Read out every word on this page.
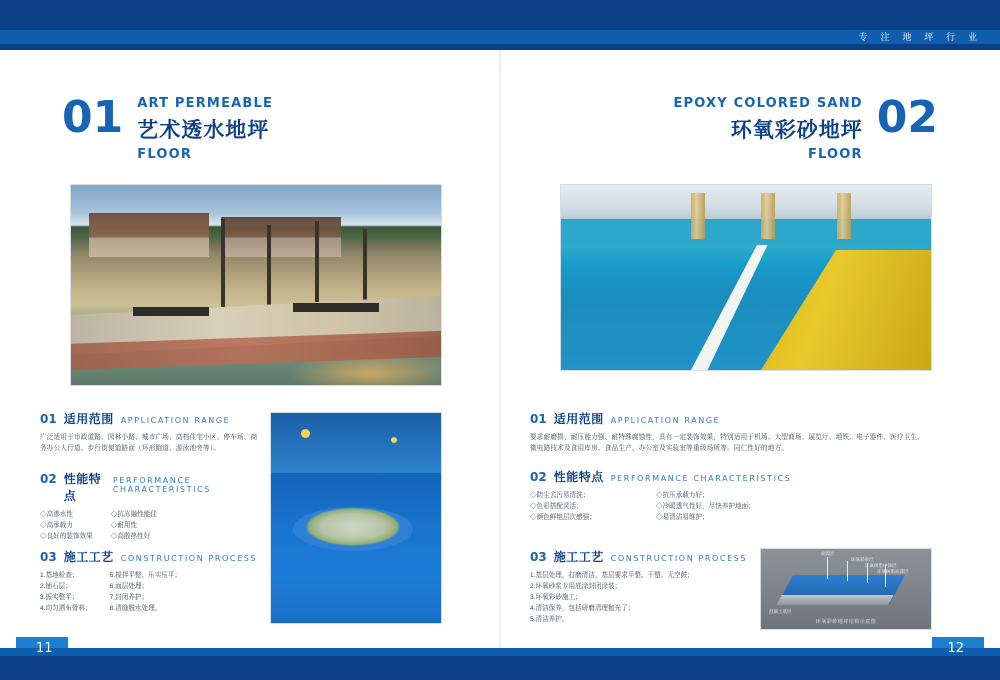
专 注 地 坪 行 业
01 ART PERMEABLE
艺术透水地坪
FLOOR
01 适用范围 APPLICATION RANGE

广泛适用于市政道路、园林小路、城市广场、高档住宅小区、停车场、商务办公人行道、步行街便道路面（环形跑道、游泳池旁等）。

02 性能特点
PERFORMANCE CHARACTERISTICS
◇高渗水性
◇高承载力
◇良好的装饰效果
◇抗冻融性能佳
◇耐用性
◇高散热性好
03 施工工艺 CONSTRUCTION PROCESS
1.基地检查；
2.铺石层；
3.振实整平；
4.均匀洒布骨料；
5.搅拌平整、压实压平；
6.面层处理；
7.封闭养护；
8.清缝脱水处理。
02
EPOXY COLORED SAND
环氧彩砂地坪
FLOOR
01 适用范围 APPLICATION RANGE

要求耐磨损、耐压能力强、耐特殊腐蚀性，具有一定装饰效果，特别适用于机场、大型商场、展览厅、地铁、电子器件、医疗卫生、微电路技术及食用库房、食品生产、办公室及实验室等重级场所等。同仁性好的地方。

02 性能特点 PERFORMANCE CHARACTERISTICS
◇防尘去污易清洗；
◇色彩搭配灵活；
◇颜色鲜艳层次感强；
◇抗压承载力好；
◇冷暖透气性好，尽快养护地面；
◇易清洁易维护；
03 施工工艺 CONSTRUCTION PROCESS
1.基层处理，打磨清洁，基层要求平整、干整、无空鼓；
2.环氧砂浆专用底涂封闭涂装；
3.环氧彩砂施工；
4.清洁保养，包括研磨清理抛光了；
5.清洁养护。
面漆层
环氧彩砂层
环氧树脂中涂层
环氧树脂底漆层
混凝土基层
环氧彩砂地坪结构示意图
11	12
